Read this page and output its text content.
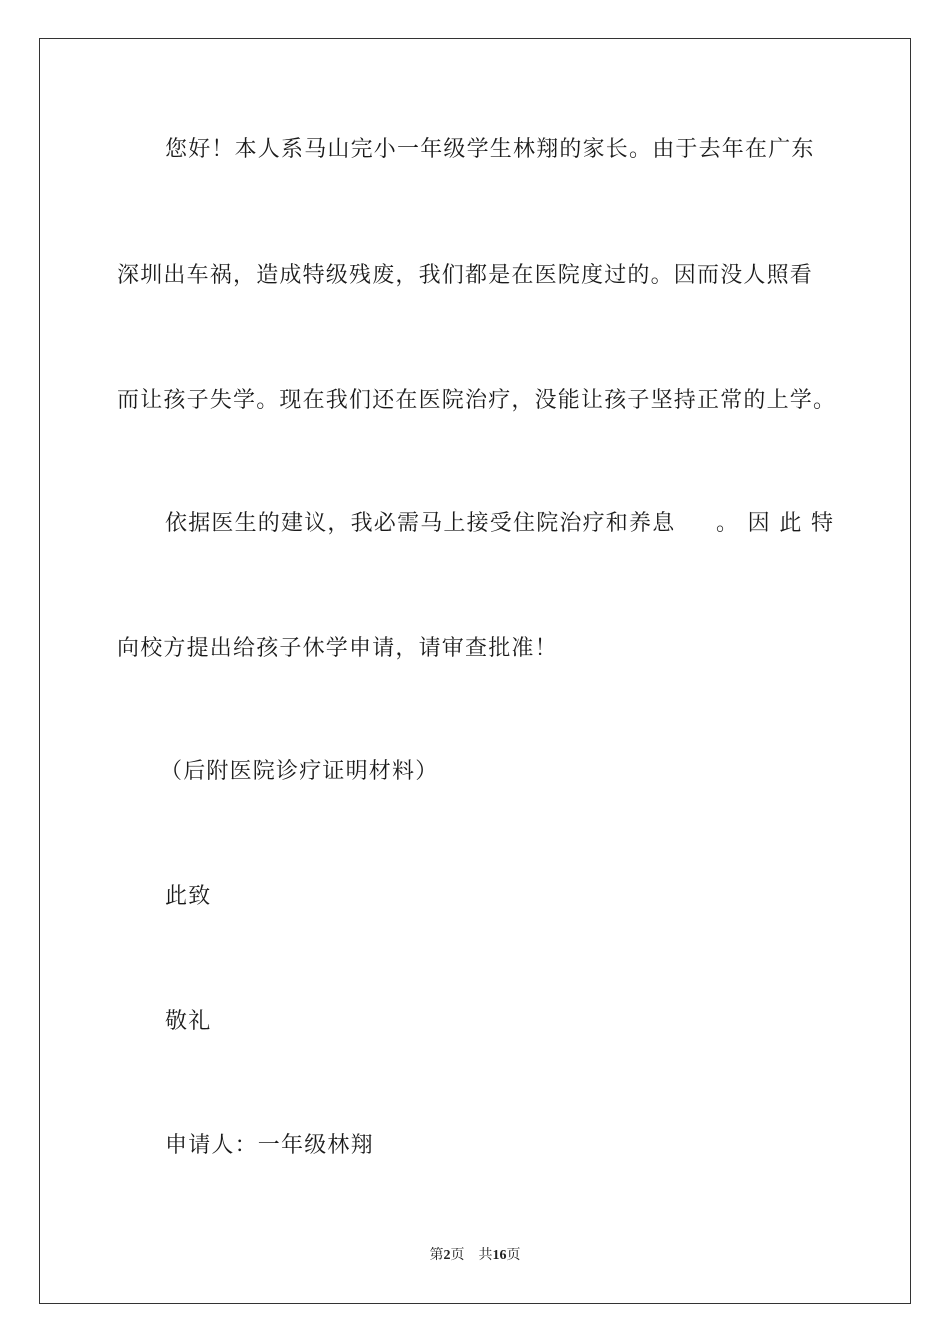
您好！本人系马山完小一年级学生林翔的家长。由于去年在广东
深圳出车祸，造成特级残废，我们都是在医院度过的。因而没人照看
而让孩子失学。现在我们还在医院治疗，没能让孩子坚持正常的上学。
依据医生的建议，我必需马上接受住院治疗和养息 。 因 此 特
向校方提出给孩子休学申请，请审查批准！
（后附医院诊疗证明材料）
此致
敬礼
申请人：一年级林翔
第2页 共16页
